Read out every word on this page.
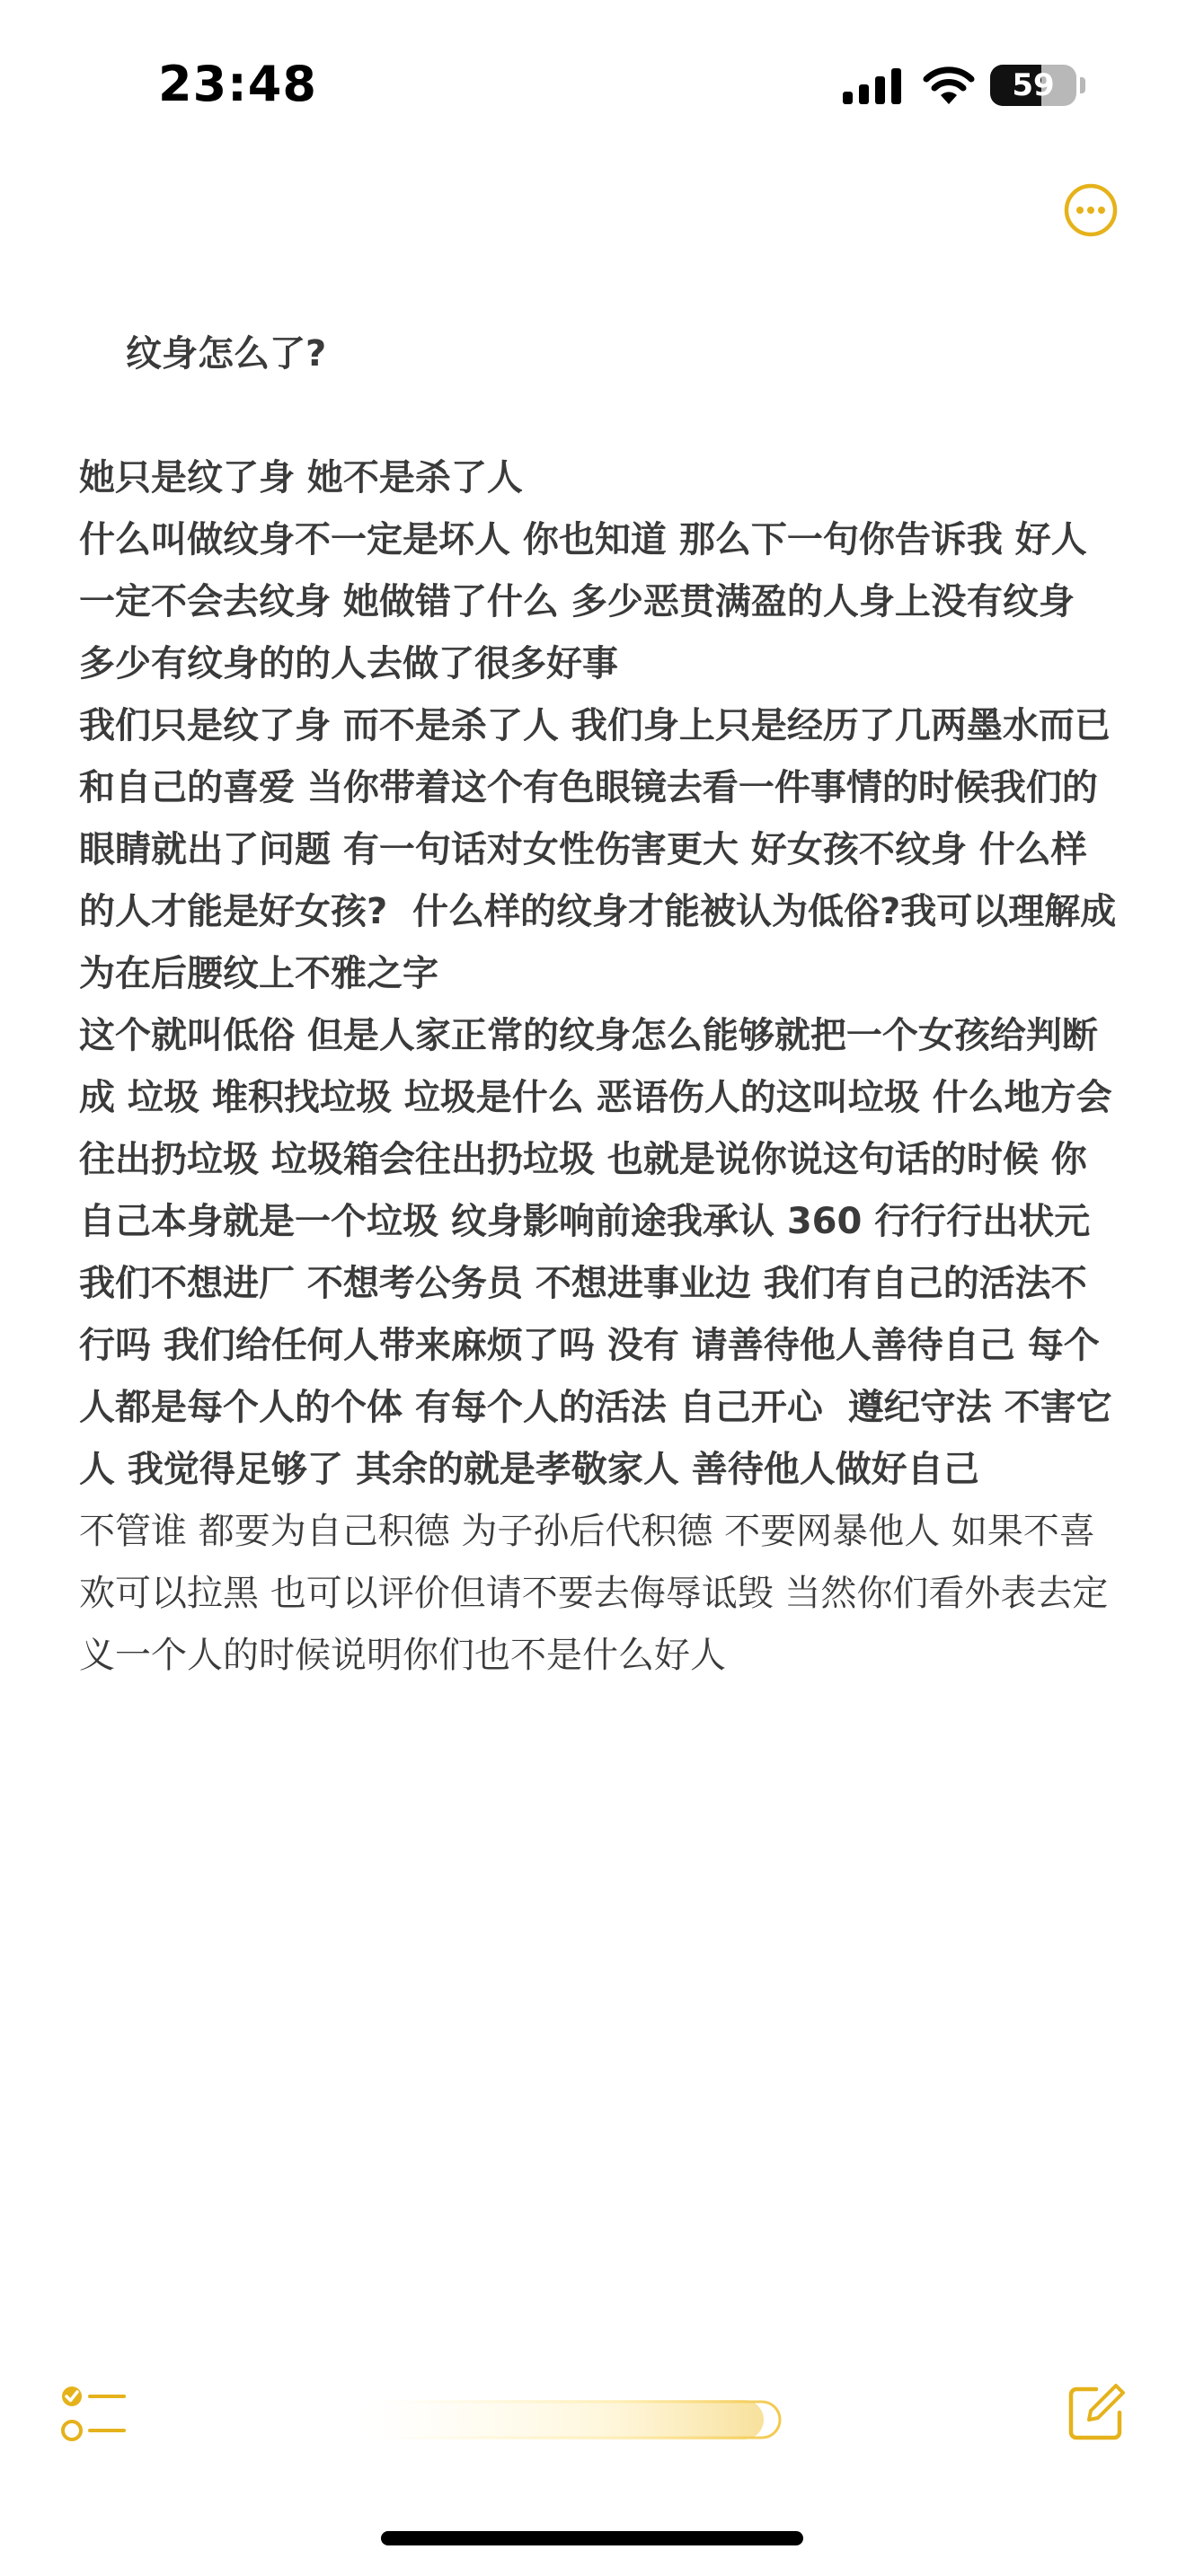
23:48	59
纹身怎么了?

她只是纹了身 她不是杀了人

什么叫做纹身不一定是坏人 你也知道 那么下一句你告诉我 好人一定不会去纹身 她做错了什么 多少恶贯满盈的人身上没有纹身 多少有纹身的的人去做了很多好事

我们只是纹了身 而不是杀了人 我们身上只是经历了几两墨水而已和自己的喜爱 当你带着这个有色眼镜去看一件事情的时候我们的眼睛就出了问题 有一句话对女性伤害更大 好女孩不纹身 什么样的人才能是好女孩?  什么样的纹身才能被认为低俗?我可以理解成为在后腰纹上不雅之字

这个就叫低俗 但是人家正常的纹身怎么能够就把一个女孩给判断成 垃圾 堆积找垃圾 垃圾是什么 恶语伤人的这叫垃圾 什么地方会往出扔垃圾 垃圾箱会往出扔垃圾 也就是说你说这句话的时候 你自己本身就是一个垃圾 纹身影响前途我承认 360 行行行出状元 我们不想进厂 不想考公务员 不想进事业边 我们有自己的活法不行吗 我们给任何人带来麻烦了吗 没有 请善待他人善待自己 每个人都是每个人的个体 有每个人的活法 自己开心  遵纪守法 不害它人 我觉得足够了 其余的就是孝敬家人 善待他人做好自己

不管谁 都要为自己积德 为子孙后代积德 不要网暴他人 如果不喜欢可以拉黑 也可以评价但请不要去侮辱诋毁 当然你们看外表去定义一个人的时候说明你们也不是什么好人
